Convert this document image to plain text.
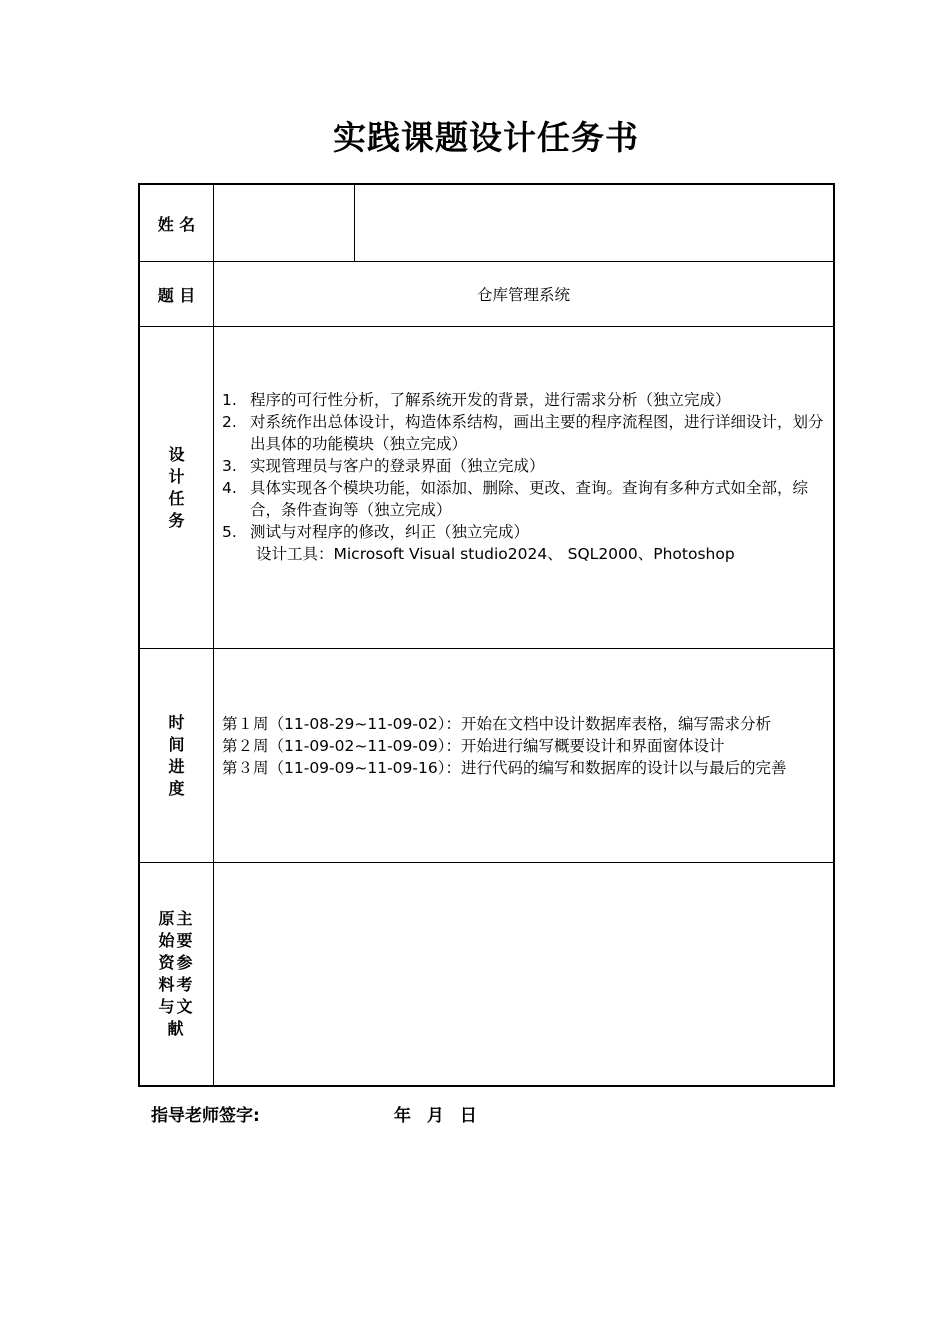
实践课题设计任务书
姓 名
题 目	仓库管理系统
设计任务
1. 程序的可行性分析，了解系统开发的背景，进行需求分析（独立完成）
2. 对系统作出总体设计，构造体系结构，画出主要的程序流程图，进行详细设计，划分出具体的功能模块（独立完成）
3. 实现管理员与客户的登录界面（独立完成）
4. 具体实现各个模块功能，如添加、删除、更改、查询。查询有多种方式如全部，综合，条件查询等（独立完成）
5. 测试与对程序的修改，纠正（独立完成）
设计工具：Microsoft Visual studio2024、 SQL2000、Photoshop
时间进度
第１周（11-08-29~11-09-02）：开始在文档中设计数据库表格，编写需求分析
第２周（11-09-02~11-09-09）：开始进行编写概要设计和界面窗体设计
第３周（11-09-09~11-09-16）：进行代码的编写和数据库的设计以与最后的完善
原主始要资参料考与文献
指导老师签字:	年 月 日
